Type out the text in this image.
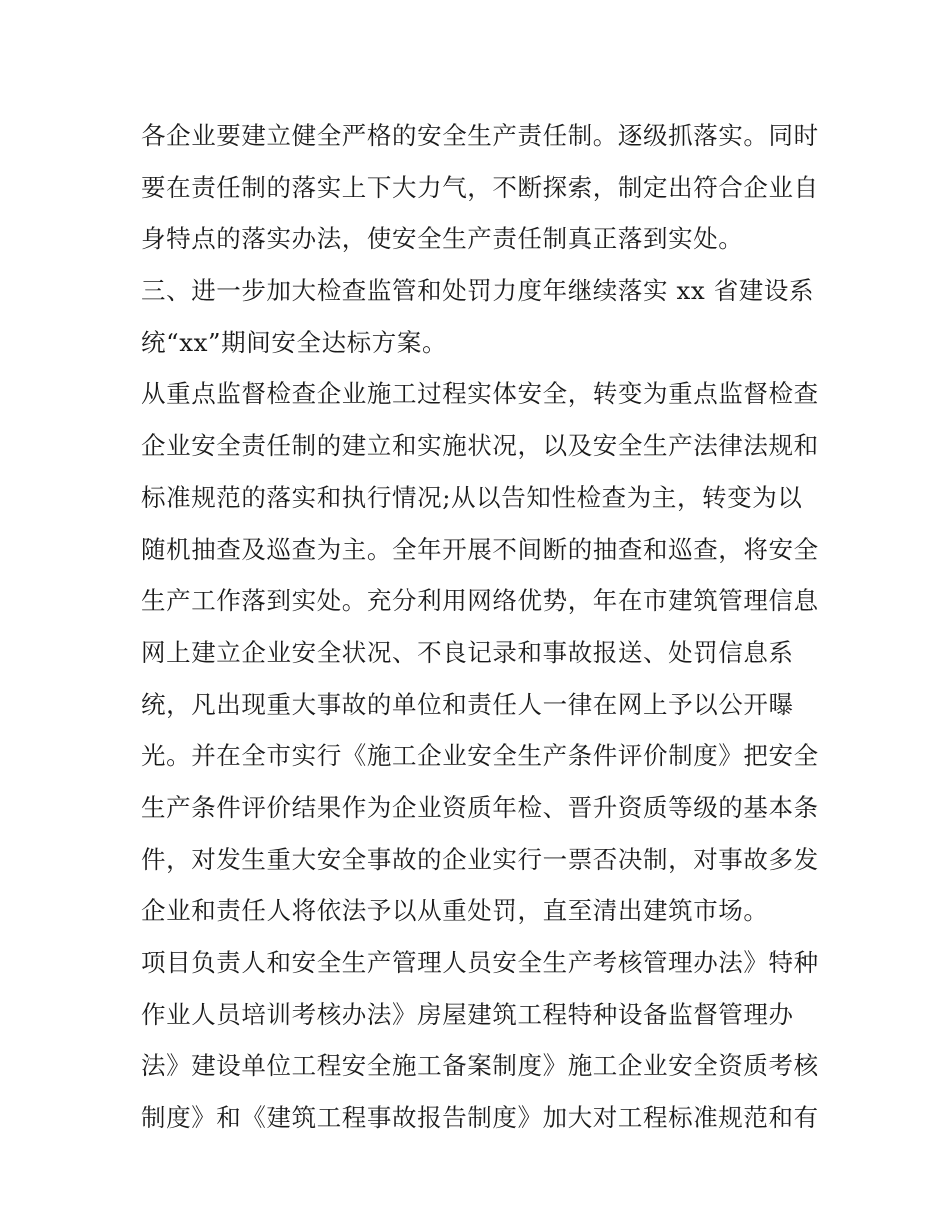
各企业要建立健全严格的安全生产责任制。逐级抓落实。同时
要在责任制的落实上下大力气，不断探索，制定出符合企业自
身特点的落实办法，使安全生产责任制真正落到实处。
三、进一步加大检查监管和处罚力度年继续落实 xx 省建设系
统“xx”期间安全达标方案。
从重点监督检查企业施工过程实体安全，转变为重点监督检查
企业安全责任制的建立和实施状况，以及安全生产法律法规和
标准规范的落实和执行情况;从以告知性检查为主，转变为以
随机抽查及巡查为主。全年开展不间断的抽查和巡查，将安全
生产工作落到实处。充分利用网络优势，年在市建筑管理信息
网上建立企业安全状况、不良记录和事故报送、处罚信息系
统，凡出现重大事故的单位和责任人一律在网上予以公开曝
光。并在全市实行《施工企业安全生产条件评价制度》把安全
生产条件评价结果作为企业资质年检、晋升资质等级的基本条
件，对发生重大安全事故的企业实行一票否决制，对事故多发
企业和责任人将依法予以从重处罚，直至清出建筑市场。
项目负责人和安全生产管理人员安全生产考核管理办法》特种
作业人员培训考核办法》房屋建筑工程特种设备监督管理办
法》建设单位工程安全施工备案制度》施工企业安全资质考核
制度》和《建筑工程事故报告制度》加大对工程标准规范和有
